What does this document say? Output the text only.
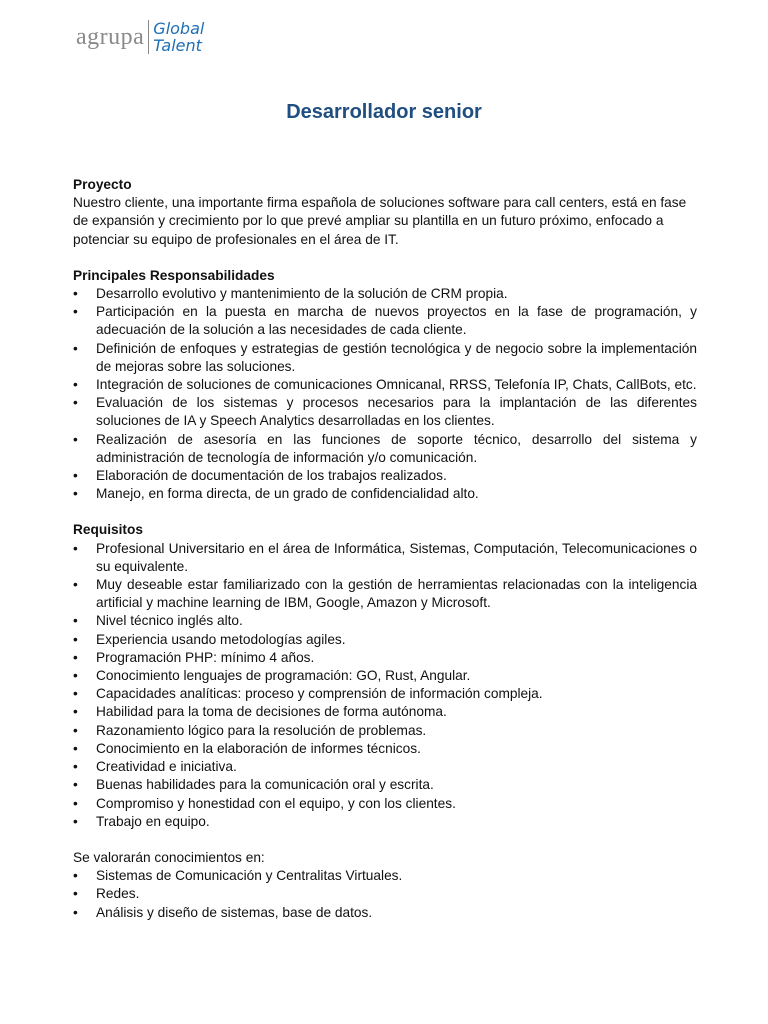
agrupa Global
Talent
Desarrollador senior
Proyecto
Nuestro cliente, una importante firma española de soluciones software para call centers, está en fase de expansión y crecimiento por lo que prevé ampliar su plantilla en un futuro próximo, enfocado a potenciar su equipo de profesionales en el área de IT.
Principales Responsabilidades
• Desarrollo evolutivo y mantenimiento de la solución de CRM propia.
• Participación en la puesta en marcha de nuevos proyectos en la fase de programación, y adecuación de la solución a las necesidades de cada cliente.
• Definición de enfoques y estrategias de gestión tecnológica y de negocio sobre la implementación de mejoras sobre las soluciones.
• Integración de soluciones de comunicaciones Omnicanal, RRSS, Telefonía IP, Chats, CallBots, etc.
• Evaluación de los sistemas y procesos necesarios para la implantación de las diferentes soluciones de IA y Speech Analytics desarrolladas en los clientes.
• Realización de asesoría en las funciones de soporte técnico, desarrollo del sistema y administración de tecnología de información y/o comunicación.
• Elaboración de documentación de los trabajos realizados.
• Manejo, en forma directa, de un grado de confidencialidad alto.
Requisitos
• Profesional Universitario en el área de Informática, Sistemas, Computación, Telecomunicaciones o su equivalente.
• Muy deseable estar familiarizado con la gestión de herramientas relacionadas con la inteligencia artificial y machine learning de IBM, Google, Amazon y Microsoft.
• Nivel técnico inglés alto.
• Experiencia usando metodologías agiles.
• Programación PHP: mínimo 4 años.
• Conocimiento lenguajes de programación: GO, Rust, Angular.
• Capacidades analíticas: proceso y comprensión de información compleja.
• Habilidad para la toma de decisiones de forma autónoma.
• Razonamiento lógico para la resolución de problemas.
• Conocimiento en la elaboración de informes técnicos.
• Creatividad e iniciativa.
• Buenas habilidades para la comunicación oral y escrita.
• Compromiso y honestidad con el equipo, y con los clientes.
• Trabajo en equipo.
Se valorarán conocimientos en:
• Sistemas de Comunicación y Centralitas Virtuales.
• Redes.
• Análisis y diseño de sistemas, base de datos.
